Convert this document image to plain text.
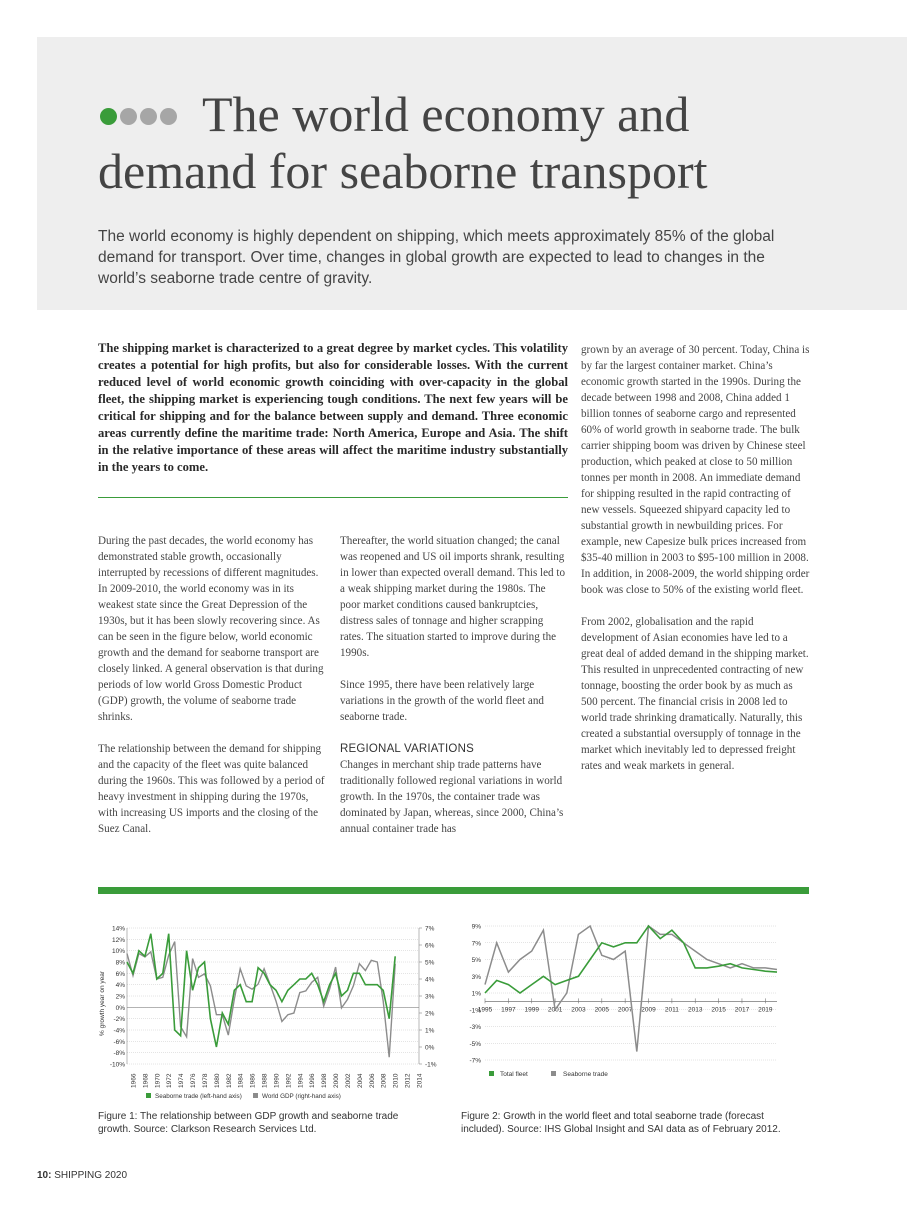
The world economy and
demand for seaborne transport

The world economy is highly dependent on shipping, which meets approximately 85% of the global demand for transport. Over time, changes in global growth are expected to lead to changes in the world’s seaborne trade centre of gravity.

The shipping market is characterized to a great degree by market cycles. This volatility creates a potential for high profits, but also for considerable losses. With the current reduced level of world economic growth coinciding with over-capacity in the global fleet, the shipping market is experiencing tough conditions. The next few years will be critical for shipping and for the balance between supply and demand. Three economic areas currently define the maritime trade: North America, Europe and Asia. The shift in the relative importance of these areas will affect the maritime industry substantially in the years to come.

During the past decades, the world economy has demonstrated stable growth, occasionally interrupted by recessions of different magnitudes. In 2009-2010, the world economy was in its weakest state since the Great Depression of the 1930s, but it has been slowly recovering since. As can be seen in the figure below, world economic growth and the demand for seaborne transport are closely linked. A general observation is that during periods of low world Gross Domestic Product (GDP) growth, the volume of seaborne trade shrinks.

The relationship between the demand for shipping and the capacity of the fleet was quite balanced during the 1960s. This was followed by a period of heavy investment in shipping during the 1970s, with increasing US imports and the closing of the Suez Canal.

Thereafter, the world situation changed; the canal was reopened and US oil imports shrank, resulting in lower than expected overall demand. This led to a weak shipping market during the 1980s. The poor market conditions caused bankruptcies, distress sales of tonnage and higher scrapping rates. The situation started to improve during the 1990s.

Since 1995, there have been relatively large variations in the growth of the world fleet and seaborne trade.

REGIONAL VARIATIONS

Changes in merchant ship trade patterns have traditionally followed regional variations in world growth. In the 1970s, the container trade was dominated by Japan, whereas, since 2000, China’s annual container trade has

grown by an average of 30 percent. Today, China is by far the largest container market. China’s economic growth started in the 1990s. During the decade between 1998 and 2008, China added 1 billion tonnes of seaborne cargo and represented 60% of world growth in seaborne trade. The bulk carrier shipping boom was driven by Chinese steel production, which peaked at close to 50 million tonnes per month in 2008. An immediate demand for shipping resulted in the rapid contracting of new vessels. Squeezed shipyard capacity led to substantial growth in newbuilding prices. For example, new Capesize bulk prices increased from $35-40 million in 2003 to $95-100 million in 2008. In addition, in 2008-2009, the world shipping order book was close to 50% of the existing world fleet.

From 2002, globalisation and the rapid development of Asian economies have led to a great deal of added demand in the shipping market. This resulted in unprecedented contracting of new tonnage, boosting the order book by as much as 500 percent. The financial crisis in 2008 led to world trade shrinking dramatically. Naturally, this created a substantial oversupply of tonnage in the market which inevitably led to depressed freight rates and weak markets in general.

14%
12%
10%
8%
6%
4%
2%
0%
-2%
-4%
-6%
-8%
-10%
7%
6%
5%
4%
3%
2%
1%
0%
-1%
1966 1968 1970 1972 1974 1976 1978 1980 1982 1984 1986 1988 1990 1992 1994 1996 1998 2000 2002 2004 2006 2008 2010 2012 2014
% growth year on year
Seaborne trade (left-hand axis)	World GDP (right-hand axis)
9%
7%
5%
3%
1%
-1%
-3%
-5%
-7%
1995 1997 1999 2001 2003 2005 2007 2009 2011 2013 2015 2017 2019
Total fleet	Seaborne trade

Figure 1: The relationship between GDP growth and seaborne trade growth. Source: Clarkson Research Services Ltd.

Figure 2: Growth in the world fleet and total seaborne trade (forecast included). Source: IHS Global Insight and SAI data as of February 2012.

10: SHIPPING 2020
